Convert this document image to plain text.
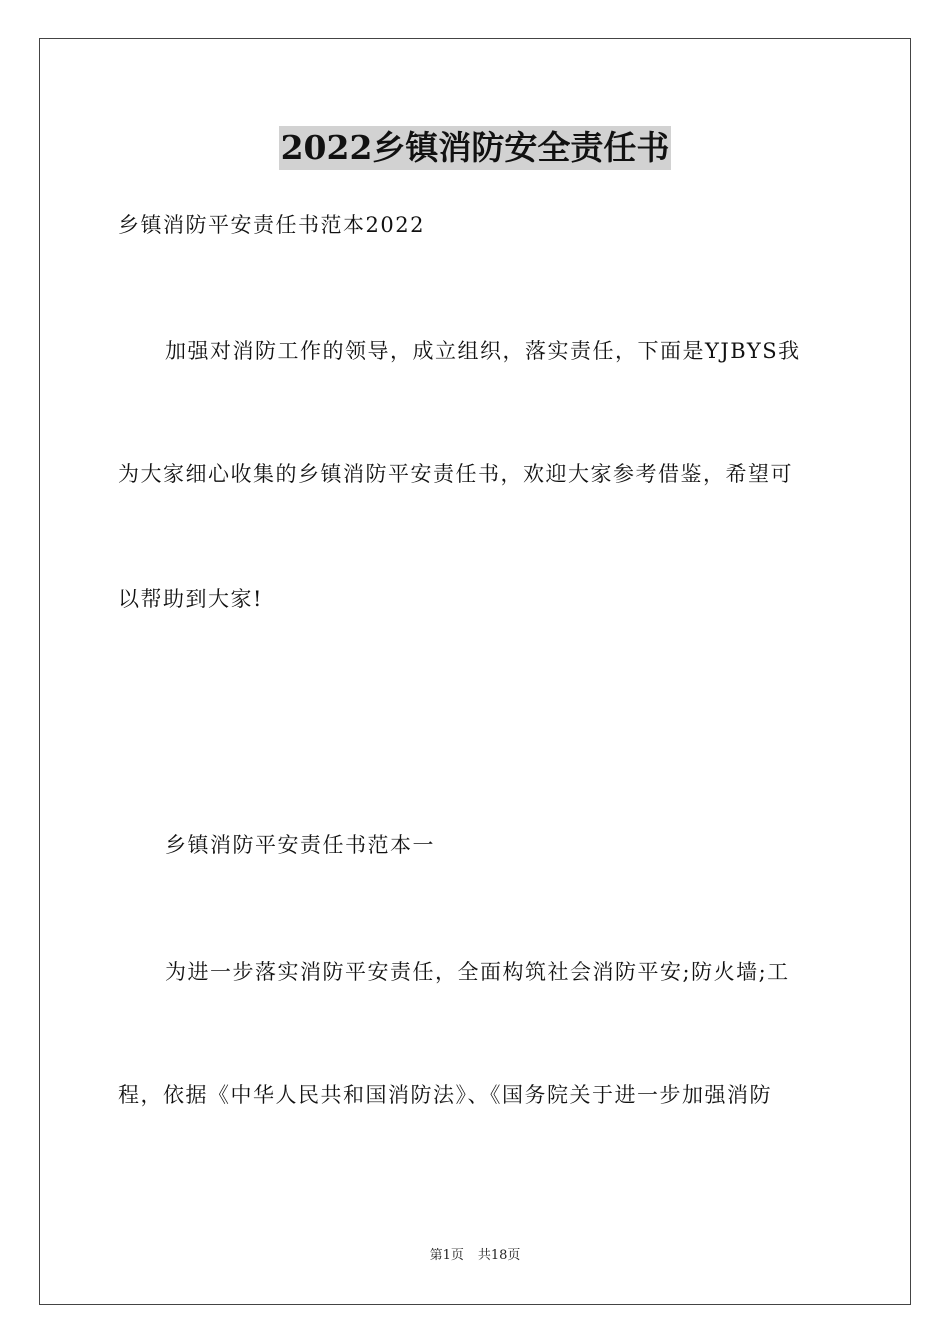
2022乡镇消防安全责任书
乡镇消防平安责任书范本2022
加强对消防工作的领导，成立组织，落实责任，下面是YJBYS我
为大家细心收集的乡镇消防平安责任书，欢迎大家参考借鉴，希望可
以帮助到大家!
乡镇消防平安责任书范本一
为进一步落实消防平安责任，全面构筑社会消防平安;防火墙;工
程，依据《中华人民共和国消防法》、《国务院关于进一步加强消防
第1页 共18页
